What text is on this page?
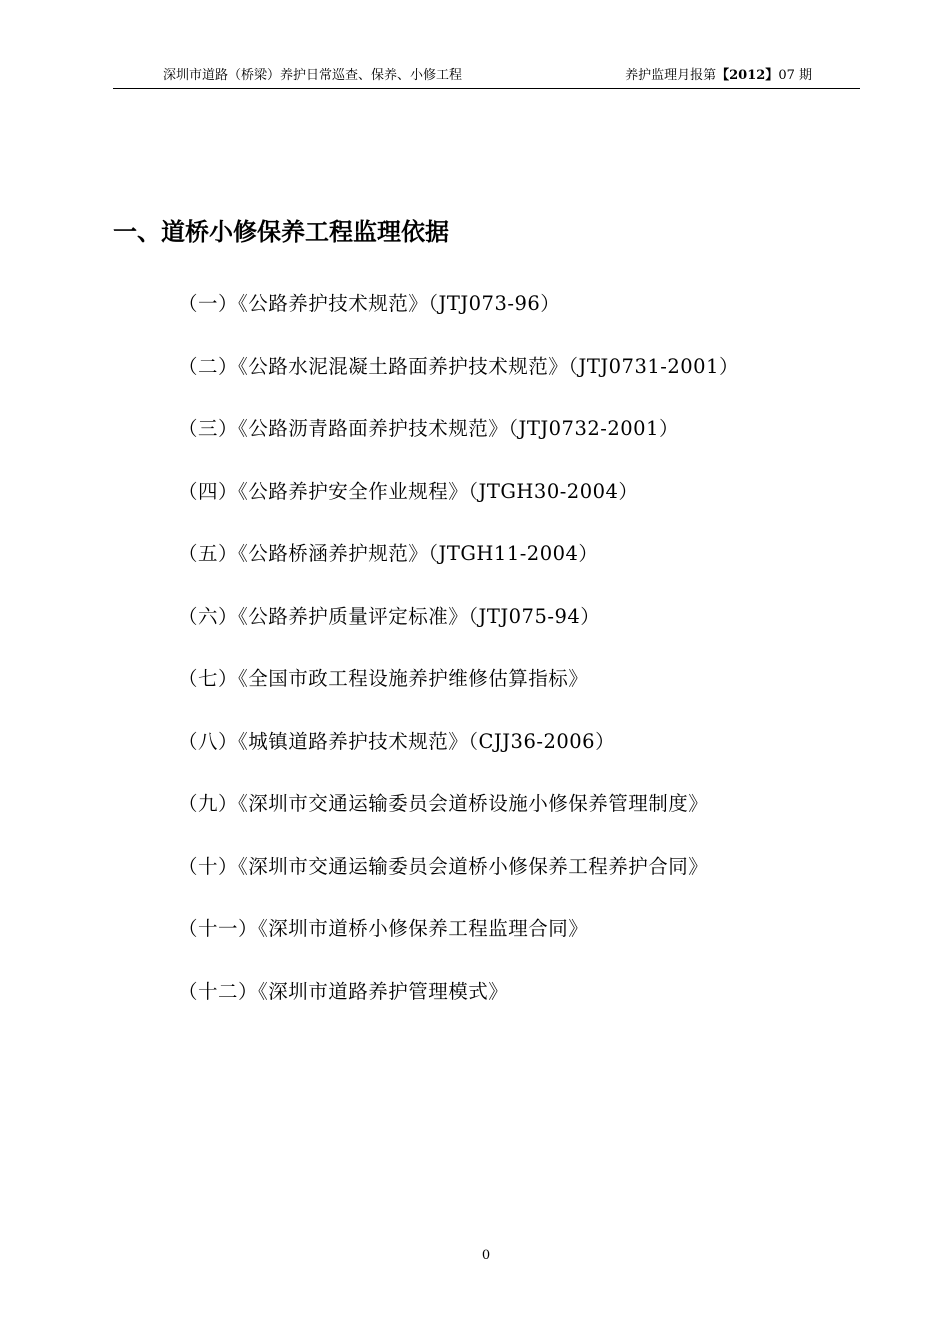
深圳市道路（桥梁）养护日常巡查、保养、小修工程	养护监理月报第【2012】07 期
一、道桥小修保养工程监理依据
（一）《公路养护技术规范》（JTJ073-96）
（二）《公路水泥混凝土路面养护技术规范》（JTJ0731-2001）
（三）《公路沥青路面养护技术规范》（JTJ0732-2001）
（四）《公路养护安全作业规程》（JTGH30-2004）
（五）《公路桥涵养护规范》（JTGH11-2004）
（六）《公路养护质量评定标准》（JTJ075-94）
（七）《全国市政工程设施养护维修估算指标》
（八）《城镇道路养护技术规范》（CJJ36-2006）
（九）《深圳市交通运输委员会道桥设施小修保养管理制度》
（十）《深圳市交通运输委员会道桥小修保养工程养护合同》
（十一）《深圳市道桥小修保养工程监理合同》
（十二）《深圳市道路养护管理模式》
0
